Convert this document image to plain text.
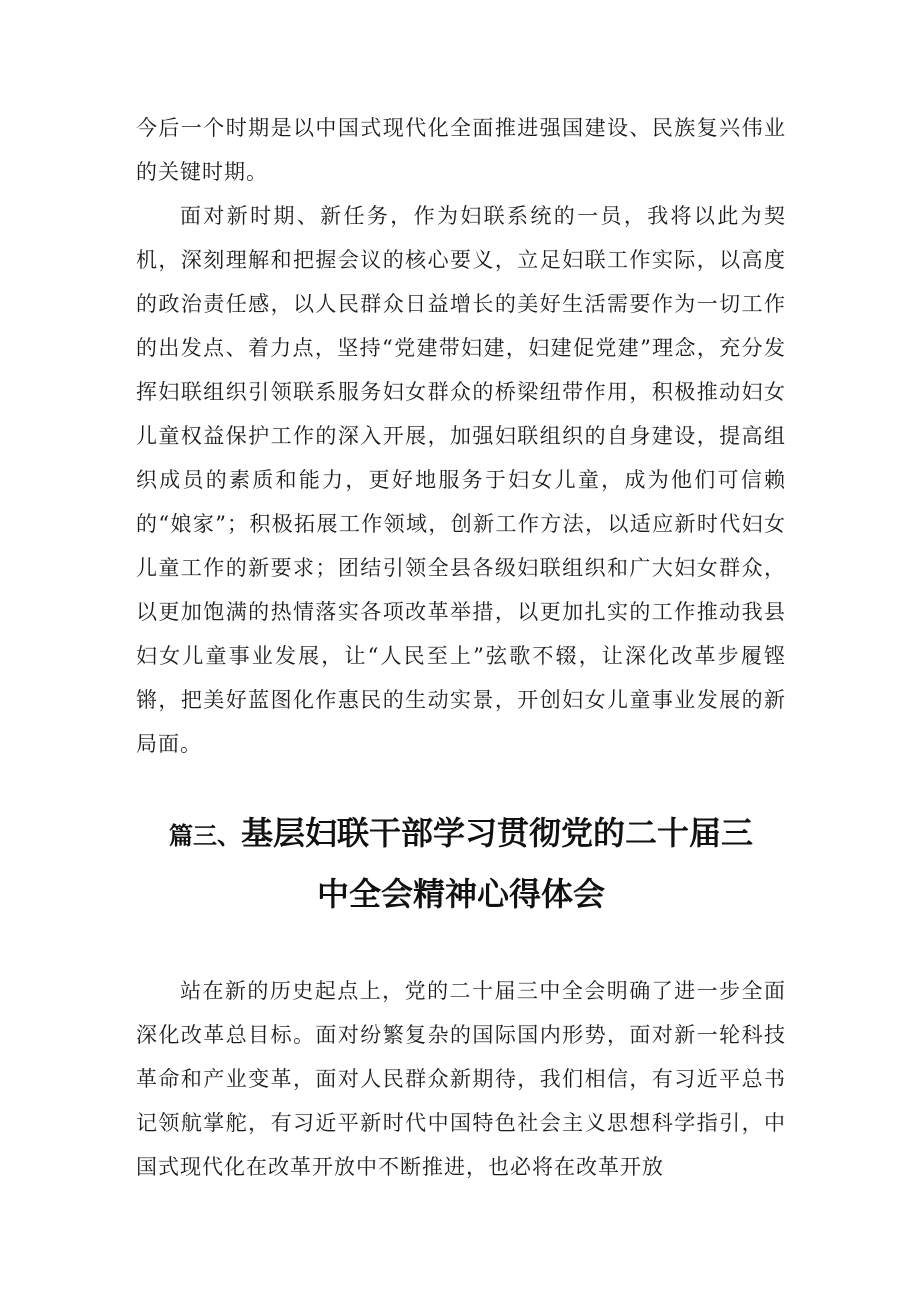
今后一个时期是以中国式现代化全面推进强国建设、民族复兴伟业的关键时期。

面对新时期、新任务，作为妇联系统的一员，我将以此为契机，深刻理解和把握会议的核心要义，立足妇联工作实际，以高度的政治责任感，以人民群众日益增长的美好生活需要作为一切工作的出发点、着力点，坚持“党建带妇建，妇建促党建”理念，充分发挥妇联组织引领联系服务妇女群众的桥梁纽带作用，积极推动妇女儿童权益保护工作的深入开展，加强妇联组织的自身建设，提高组织成员的素质和能力，更好地服务于妇女儿童，成为他们可信赖的“娘家”；积极拓展工作领域，创新工作方法，以适应新时代妇女儿童工作的新要求；团结引领全县各级妇联组织和广大妇女群众，以更加饱满的热情落实各项改革举措，以更加扎实的工作推动我县妇女儿童事业发展，让“人民至上”弦歌不辍，让深化改革步履铿锵，把美好蓝图化作惠民的生动实景，开创妇女儿童事业发展的新局面。

篇三、基层妇联干部学习贯彻党的二十届三
中全会精神心得体会

站在新的历史起点上，党的二十届三中全会明确了进一步全面深化改革总目标。面对纷繁复杂的国际国内形势，面对新一轮科技革命和产业变革，面对人民群众新期待，我们相信，有习近平总书记领航掌舵，有习近平新时代中国特色社会主义思想科学指引，中国式现代化在改革开放中不断推进，也必将在改革开放
